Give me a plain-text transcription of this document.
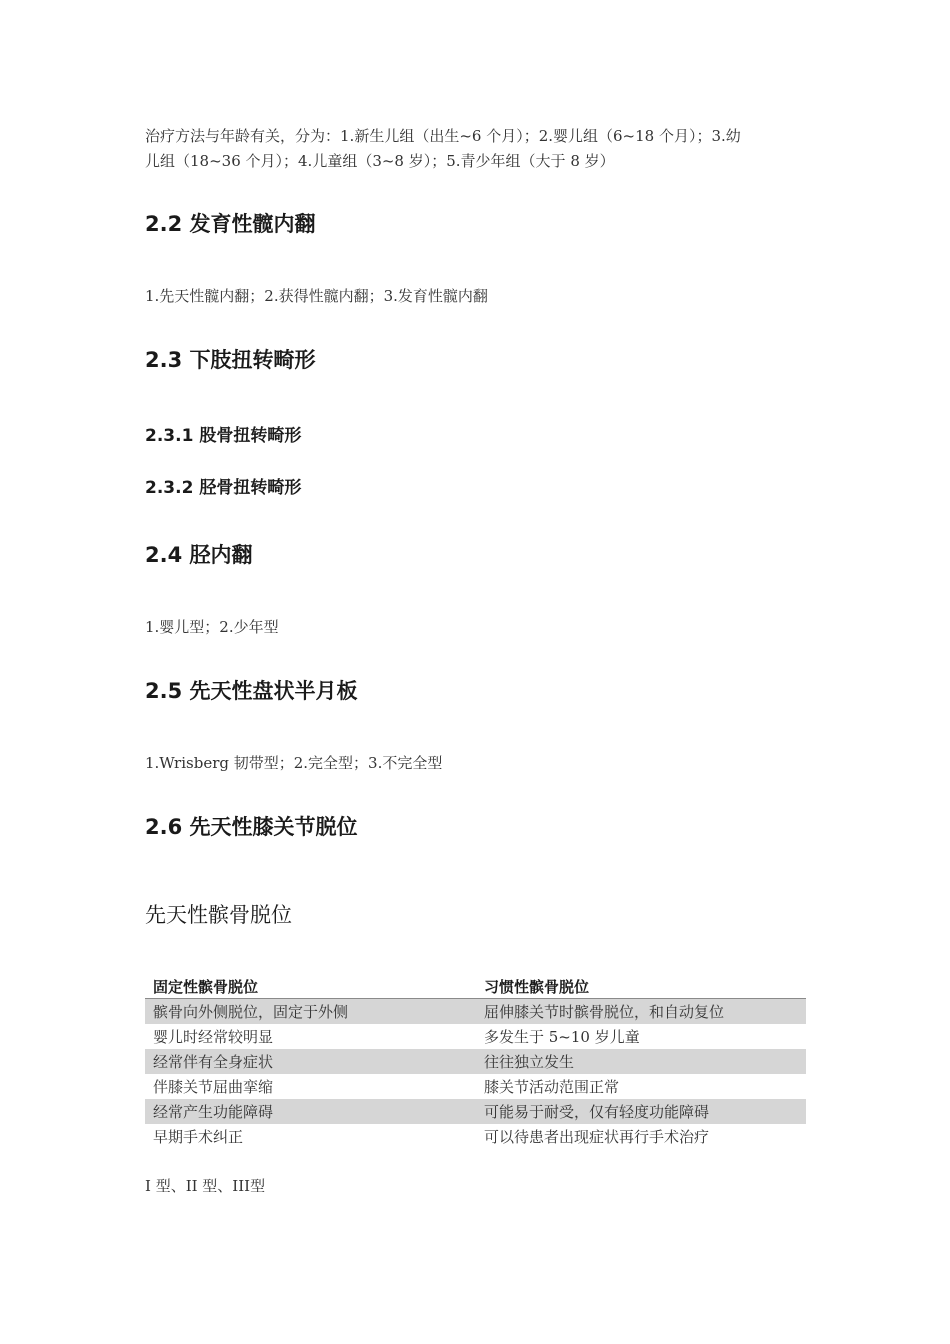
治疗方法与年龄有关，分为：1.新生儿组（出生~6 个月）；2.婴儿组（6~18 个月）；3.幼
儿组（18~36 个月）；4.儿童组（3~8 岁）；5.青少年组（大于 8 岁）
2.2 发育性髋内翻
1.先天性髋内翻；2.获得性髋内翻；3.发育性髋内翻
2.3 下肢扭转畸形
2.3.1 股骨扭转畸形
2.3.2 胫骨扭转畸形
2.4 胫内翻
1.婴儿型；2.少年型
2.5 先天性盘状半月板
1.Wrisberg 韧带型；2.完全型；3.不完全型
2.6 先天性膝关节脱位
先天性髌骨脱位
固定性髌骨脱位	习惯性髌骨脱位
髌骨向外侧脱位，固定于外侧	屈伸膝关节时髌骨脱位，和自动复位
婴儿时经常较明显	多发生于 5~10 岁儿童
经常伴有全身症状	往往独立发生
伴膝关节屈曲挛缩	膝关节活动范围正常
经常产生功能障碍	可能易于耐受，仅有轻度功能障碍
早期手术纠正	可以待患者出现症状再行手术治疗
I 型、II 型、III型
